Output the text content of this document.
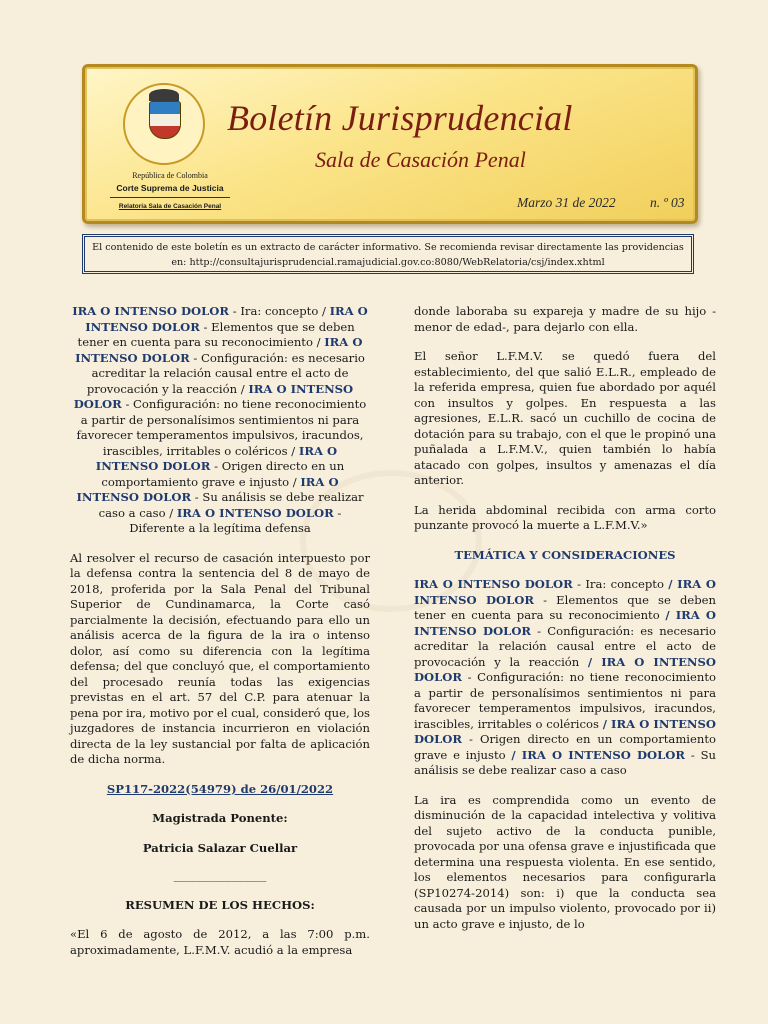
República de Colombia
Corte Suprema de Justicia
Relatoría Sala de Casación Penal
Boletín Jurisprudencial
Sala de Casación Penal
Marzo 31 de 2022	n. º 03
El contenido de este boletín es un extracto de carácter informativo. Se recomienda revisar directamente las providencias
en: http://consultajurisprudencial.ramajudicial.gov.co:8080/WebRelatoria/csj/index.xhtml

IRA O INTENSO DOLOR - Ira: concepto / IRA O INTENSO DOLOR - Elementos que se deben tener en cuenta para su reconocimiento / IRA O INTENSO DOLOR - Configuración: es necesario acreditar la relación causal entre el acto de provocación y la reacción / IRA O INTENSO DOLOR - Configuración: no tiene reconocimiento a partir de personalísimos sentimientos ni para favorecer temperamentos impulsivos, iracundos, irascibles, irritables o coléricos / IRA O INTENSO DOLOR - Origen directo en un comportamiento grave e injusto / IRA O INTENSO DOLOR - Su análisis se debe realizar caso a caso / IRA O INTENSO DOLOR - Diferente a la legítima defensa

Al resolver el recurso de casación interpuesto por la defensa contra la sentencia del 8 de mayo de 2018, proferida por la Sala Penal del Tribunal Superior de Cundinamarca, la Corte casó parcialmente la decisión, efectuando para ello un análisis acerca de la figura de la ira o intenso dolor, así como su diferencia con la legítima defensa; del que concluyó que, el comportamiento del procesado reunía todas las exigencias previstas en el art. 57 del C.P. para atenuar la pena por ira, motivo por el cual, consideró que, los juzgadores de instancia incurrieron en violación directa de la ley sustancial por falta de aplicación de dicha norma.

SP117-2022(54979) de 26/01/2022

Magistrada Ponente:

Patricia Salazar Cuellar

________________

RESUMEN DE LOS HECHOS:

«El 6 de agosto de 2012, a las 7:00 p.m. aproximadamente, L.F.M.V. acudió a la empresa

donde laboraba su expareja y madre de su hijo -menor de edad-, para dejarlo con ella.

El señor L.F.M.V. se quedó fuera del establecimiento, del que salió E.L.R., empleado de la referida empresa, quien fue abordado por aquél con insultos y golpes. En respuesta a las agresiones, E.L.R. sacó un cuchillo de cocina de dotación para su trabajo, con el que le propinó una puñalada a L.F.M.V., quien también lo había atacado con golpes, insultos y amenazas el día anterior.

La herida abdominal recibida con arma corto punzante provocó la muerte a L.F.M.V.»

TEMÁTICA Y CONSIDERACIONES

IRA O INTENSO DOLOR - Ira: concepto / IRA O INTENSO DOLOR - Elementos que se deben tener en cuenta para su reconocimiento / IRA O INTENSO DOLOR - Configuración: es necesario acreditar la relación causal entre el acto de provocación y la reacción / IRA O INTENSO DOLOR - Configuración: no tiene reconocimiento a partir de personalísimos sentimientos ni para favorecer temperamentos impulsivos, iracundos, irascibles, irritables o coléricos / IRA O INTENSO DOLOR - Origen directo en un comportamiento grave e injusto / IRA O INTENSO DOLOR - Su análisis se debe realizar caso a caso

La ira es comprendida como un evento de disminución de la capacidad intelectiva y volitiva del sujeto activo de la conducta punible, provocada por una ofensa grave e injustificada que determina una respuesta violenta. En ese sentido, los elementos necesarios para configurarla (SP10274-2014) son: i) que la conducta sea causada por un impulso violento, provocado por ii) un acto grave e injusto, de lo
